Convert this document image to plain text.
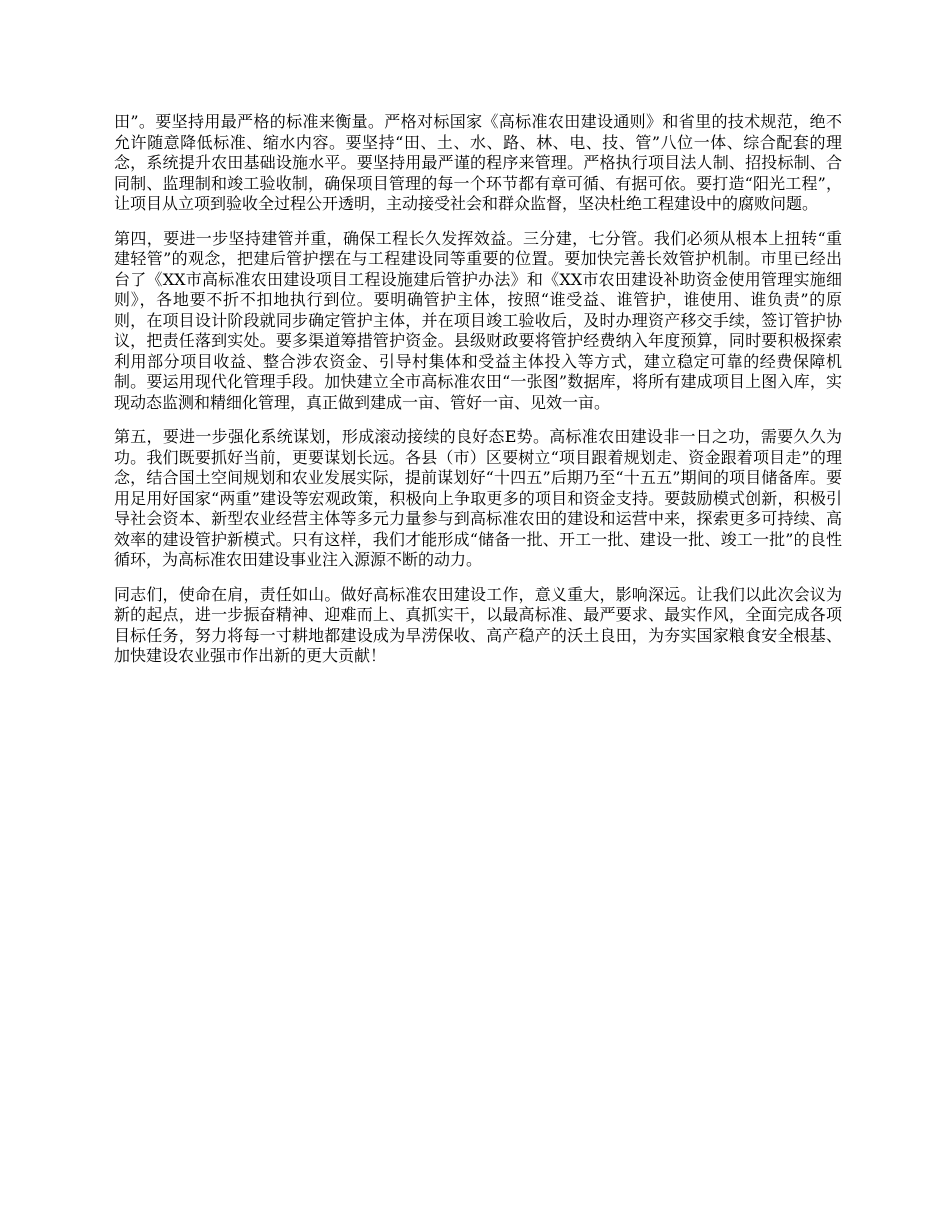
田”。要坚持用最严格的标准来衡量。严格对标国家《高标准农田建设通则》和省里的技术规范，绝不允许随意降低标准、缩水内容。要坚持“田、土、水、路、林、电、技、管”八位一体、综合配套的理念，系统提升农田基础设施水平。要坚持用最严谨的程序来管理。严格执行项目法人制、招投标制、合同制、监理制和竣工验收制，确保项目管理的每一个环节都有章可循、有据可依。要打造“阳光工程”，让项目从立项到验收全过程公开透明，主动接受社会和群众监督，坚决杜绝工程建设中的腐败问题。

第四，要进一步坚持建管并重，确保工程长久发挥效益。三分建，七分管。我们必须从根本上扭转“重建轻管”的观念，把建后管护摆在与工程建设同等重要的位置。要加快完善长效管护机制。市里已经出台了《XX市高标准农田建设项目工程设施建后管护办法》和《XX市农田建设补助资金使用管理实施细则》，各地要不折不扣地执行到位。要明确管护主体，按照“谁受益、谁管护，谁使用、谁负责”的原则，在项目设计阶段就同步确定管护主体，并在项目竣工验收后，及时办理资产移交手续，签订管护协议，把责任落到实处。要多渠道筹措管护资金。县级财政要将管护经费纳入年度预算，同时要积极探索利用部分项目收益、整合涉农资金、引导村集体和受益主体投入等方式，建立稳定可靠的经费保障机制。要运用现代化管理手段。加快建立全市高标准农田“一张图”数据库，将所有建成项目上图入库，实现动态监测和精细化管理，真正做到建成一亩、管好一亩、见效一亩。

第五，要进一步强化系统谋划，形成滚动接续的良好态E势。高标准农田建设非一日之功，需要久久为功。我们既要抓好当前，更要谋划长远。各县（市）区要树立“项目跟着规划走、资金跟着项目走”的理念，结合国土空间规划和农业发展实际，提前谋划好“十四五”后期乃至“十五五”期间的项目储备库。要用足用好国家“两重”建设等宏观政策，积极向上争取更多的项目和资金支持。要鼓励模式创新，积极引导社会资本、新型农业经营主体等多元力量参与到高标准农田的建设和运营中来，探索更多可持续、高效率的建设管护新模式。只有这样，我们才能形成“储备一批、开工一批、建设一批、竣工一批”的良性循环，为高标准农田建设事业注入源源不断的动力。

同志们，使命在肩，责任如山。做好高标准农田建设工作，意义重大，影响深远。让我们以此次会议为新的起点，进一步振奋精神、迎难而上、真抓实干，以最高标准、最严要求、最实作风，全面完成各项目标任务，努力将每一寸耕地都建设成为旱涝保收、高产稳产的沃土良田，为夯实国家粮食安全根基、加快建设农业强市作出新的更大贡献！
